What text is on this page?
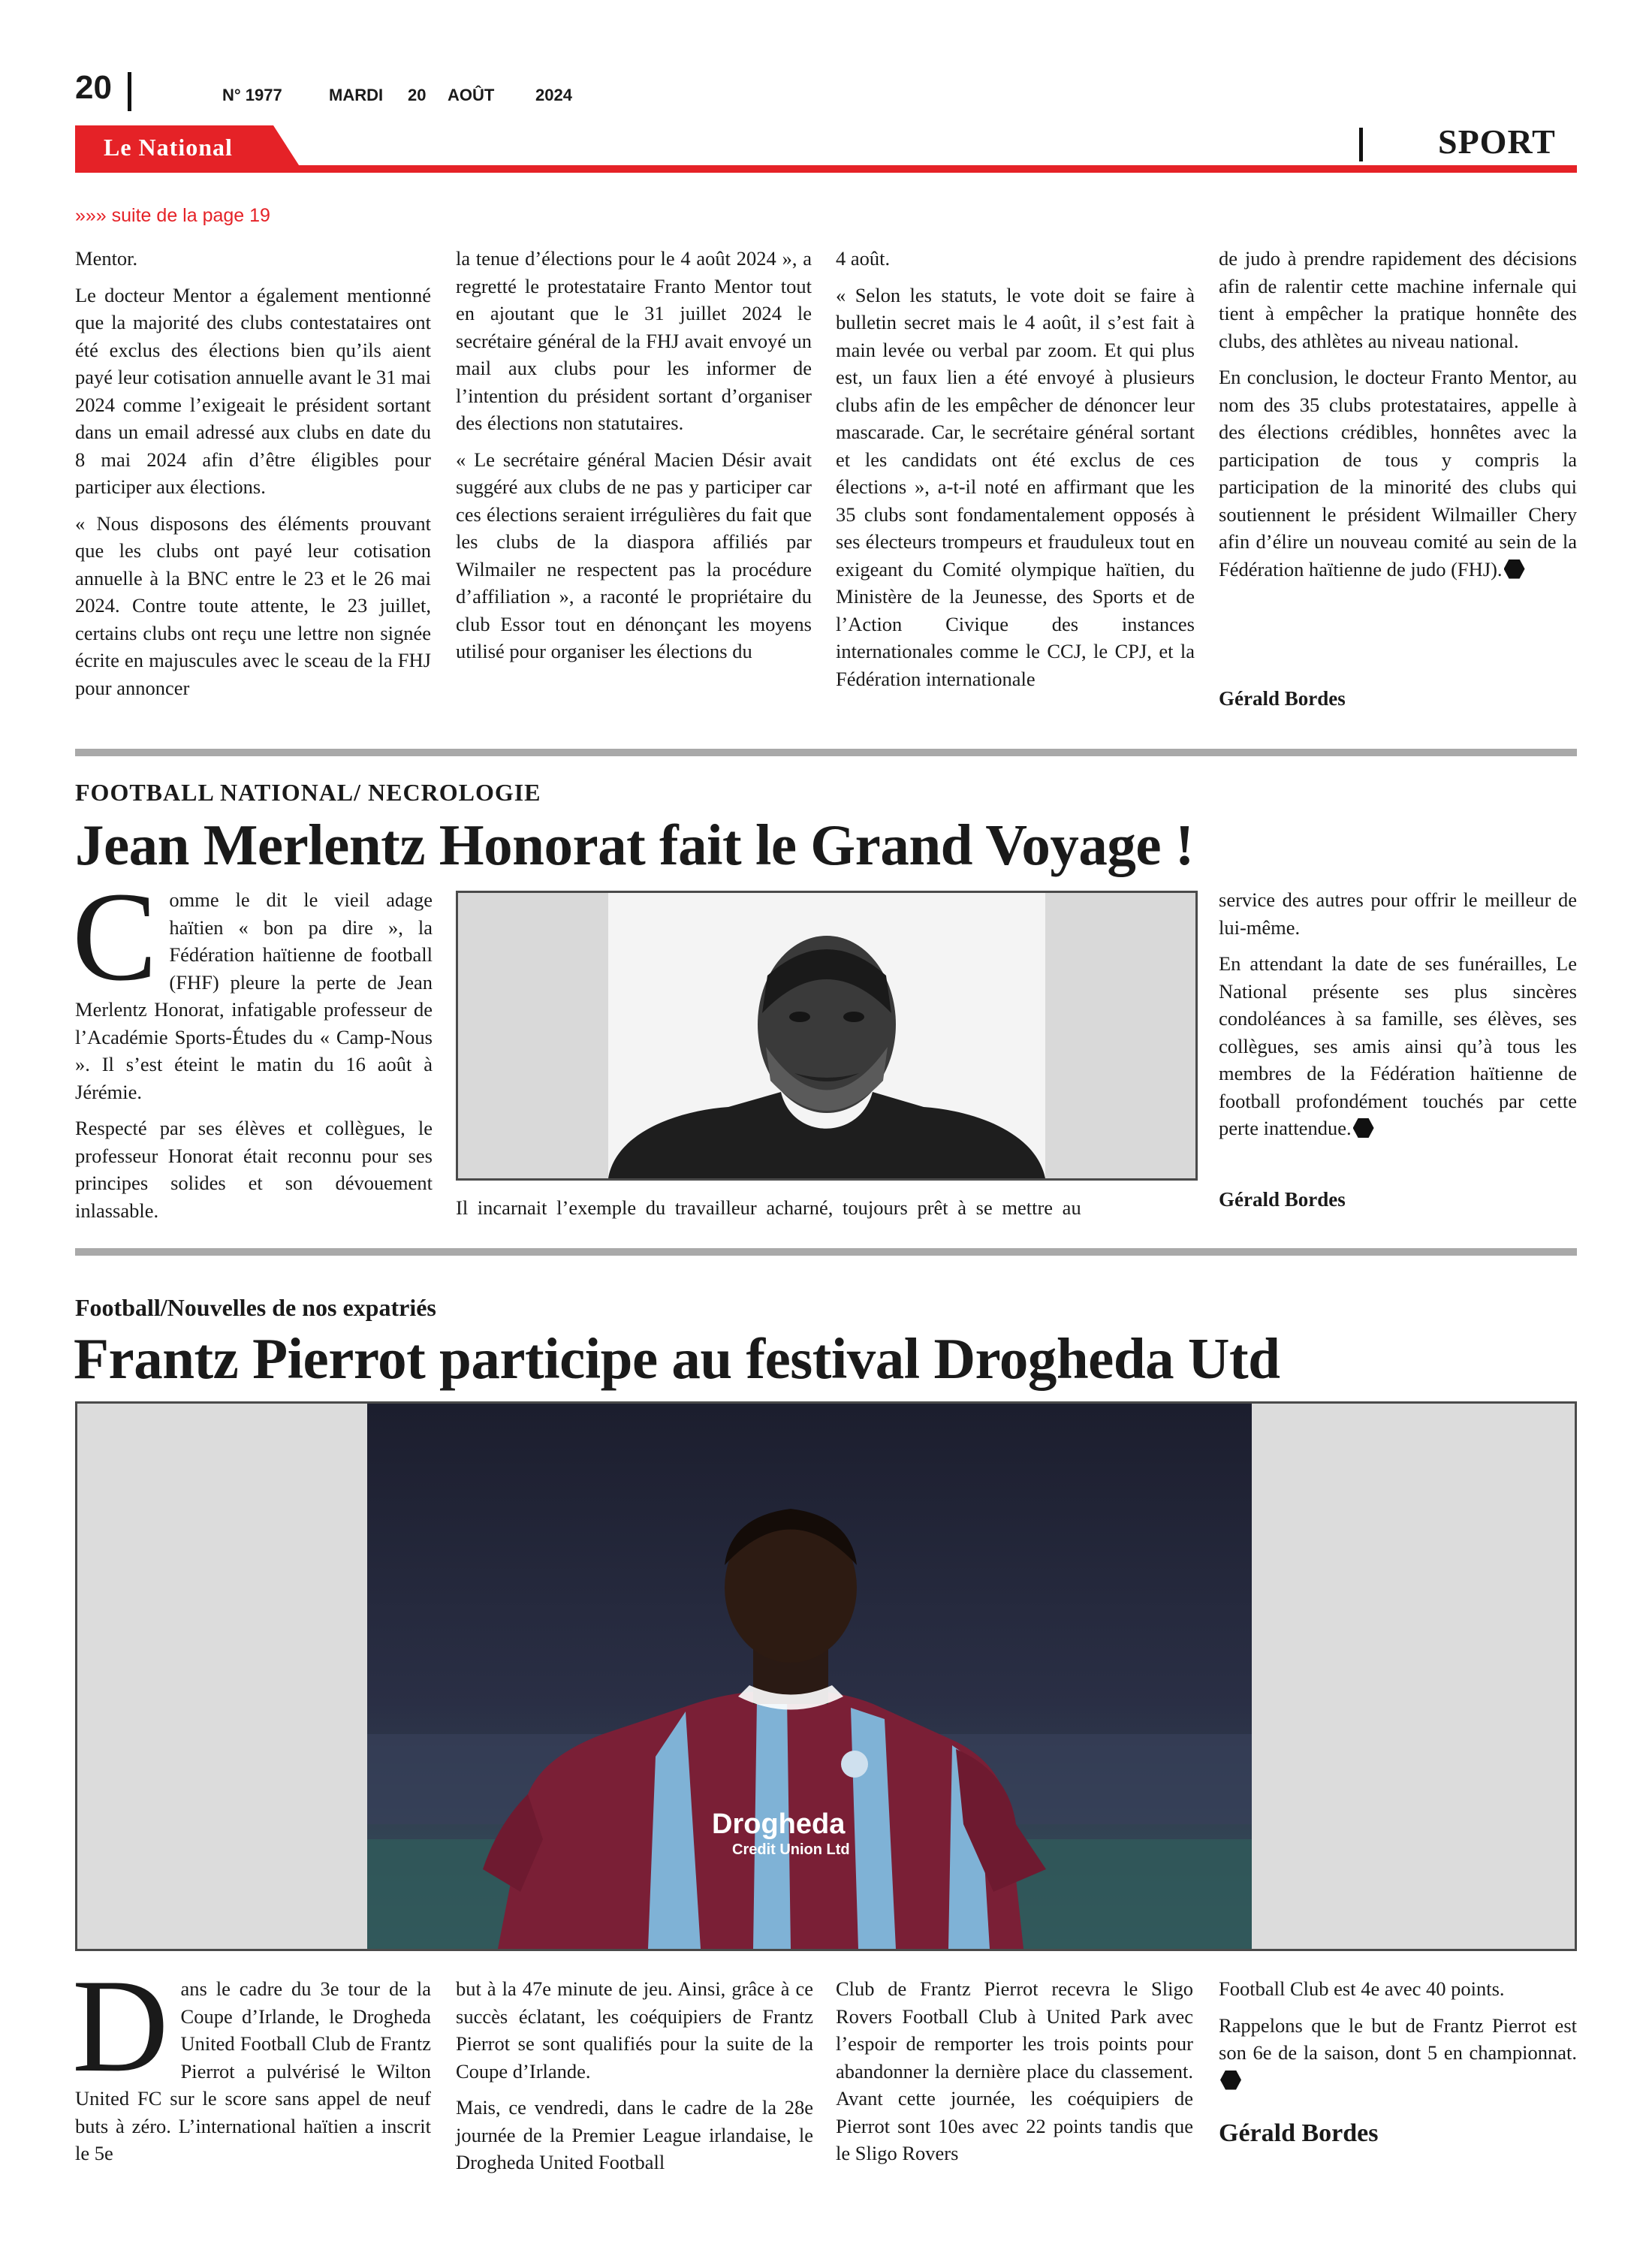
20	N° 1977	MARDI 20 AOÛT 2024
Le National	SPORT
»»» suite de la page 19

Mentor.

Le docteur Mentor a également mentionné que la majorité des clubs contestataires ont été exclus des élections bien qu’ils aient payé leur cotisation annuelle avant le 31 mai 2024 comme l’exigeait le président sortant dans un email adressé aux clubs en date du 8 mai 2024 afin d’être éligibles pour participer aux élections.

« Nous disposons des éléments prouvant que les clubs ont payé leur cotisation annuelle à la BNC entre le 23 et le 26 mai 2024. Contre toute attente, le 23 juillet, certains clubs ont reçu une lettre non signée écrite en majuscules avec le sceau de la FHJ pour annoncer

la tenue d’élections pour le 4 août 2024 », a regretté le protestataire Franto Mentor tout en ajoutant que le 31 juillet 2024 le secrétaire général de la FHJ avait envoyé un mail aux clubs pour les informer de l’intention du président sortant d’organiser des élections non statutaires.

« Le secrétaire général Macien Désir avait suggéré aux clubs de ne pas y participer car ces élections seraient irrégulières du fait que les clubs de la diaspora affiliés par Wilmailer ne respectent pas la procédure d’affiliation », a raconté le propriétaire du club Essor tout en dénonçant les moyens utilisé pour organiser les élections du

4 août.

« Selon les statuts, le vote doit se faire à bulletin secret mais le 4 août, il s’est fait à main levée ou verbal par zoom. Et qui plus est, un faux lien a été envoyé à plusieurs clubs afin de les empêcher de dénoncer leur mascarade. Car, le secrétaire général sortant et les candidats ont été exclus de ces élections », a-t-il noté en affirmant que les 35 clubs sont fondamentalement opposés à ses électeurs trompeurs et frauduleux tout en exigeant du Comité olympique haïtien, du Ministère de la Jeunesse, des Sports et de l’Action Civique des instances internationales comme le CCJ, le CPJ, et la Fédération internationale

de judo à prendre rapidement des décisions afin de ralentir cette machine infernale qui tient à empêcher la pratique honnête des clubs, des athlètes au niveau national.

En conclusion, le docteur Franto Mentor, au nom des 35 clubs protestataires, appelle à des élections crédibles, honnêtes avec la participation de tous y compris la participation de la minorité des clubs qui soutiennent le président Wilmailler Chery afin d’élire un nouveau comité au sein de la Fédération haïtienne de judo (FHJ).

Gérald Bordes
FOOTBALL NATIONAL/ NECROLOGIE
Jean Merlentz Honorat fait le Grand Voyage !

Comme le dit le vieil adage haïtien « bon pa dire », la Fédération haïtienne de football (FHF) pleure la perte de Jean Merlentz Honorat, infatigable professeur de l’Académie Sports-Études du « Camp-Nous ». Il s’est éteint le matin du 16 août à Jérémie.

Respecté par ses élèves et collègues, le professeur Honorat était reconnu pour ses principes solides et son dévouement inlassable.	Il incarnait l’exemple du travailleur acharné, toujours prêt à se mettre au

service des autres pour offrir le meilleur de lui-même.

En attendant la date de ses funérailles, Le National présente ses plus sincères condoléances à sa famille, ses élèves, ses collègues, ses amis ainsi qu’à tous les membres de la Fédération haïtienne de football profondément touchés par cette perte inattendue.

Gérald Bordes
Football/Nouvelles de nos expatriés
Frantz Pierrot participe au festival Drogheda Utd
Drogheda
Credit Union Ltd

Dans le cadre du 3e tour de la Coupe d’Irlande, le Drogheda United Football Club de Frantz Pierrot a pulvérisé le Wilton United FC sur le score sans appel de neuf buts à zéro. L’international haïtien a inscrit le 5e

but à la 47e minute de jeu. Ainsi, grâce à ce succès éclatant, les coéquipiers de Frantz Pierrot se sont qualifiés pour la suite de la Coupe d’Irlande.

Mais, ce vendredi, dans le cadre de la 28e journée de la Premier League irlandaise, le Drogheda United Football

Club de Frantz Pierrot recevra le Sligo Rovers Football Club à United Park avec l’espoir de remporter les trois points pour abandonner la dernière place du classement. Avant cette journée, les coéquipiers de Pierrot sont 10es avec 22 points tandis que le Sligo Rovers

Football Club est 4e avec 40 points.

Rappelons que le but de Frantz Pierrot est son 6e de la saison, dont 5 en championnat.

Gérald Bordes
